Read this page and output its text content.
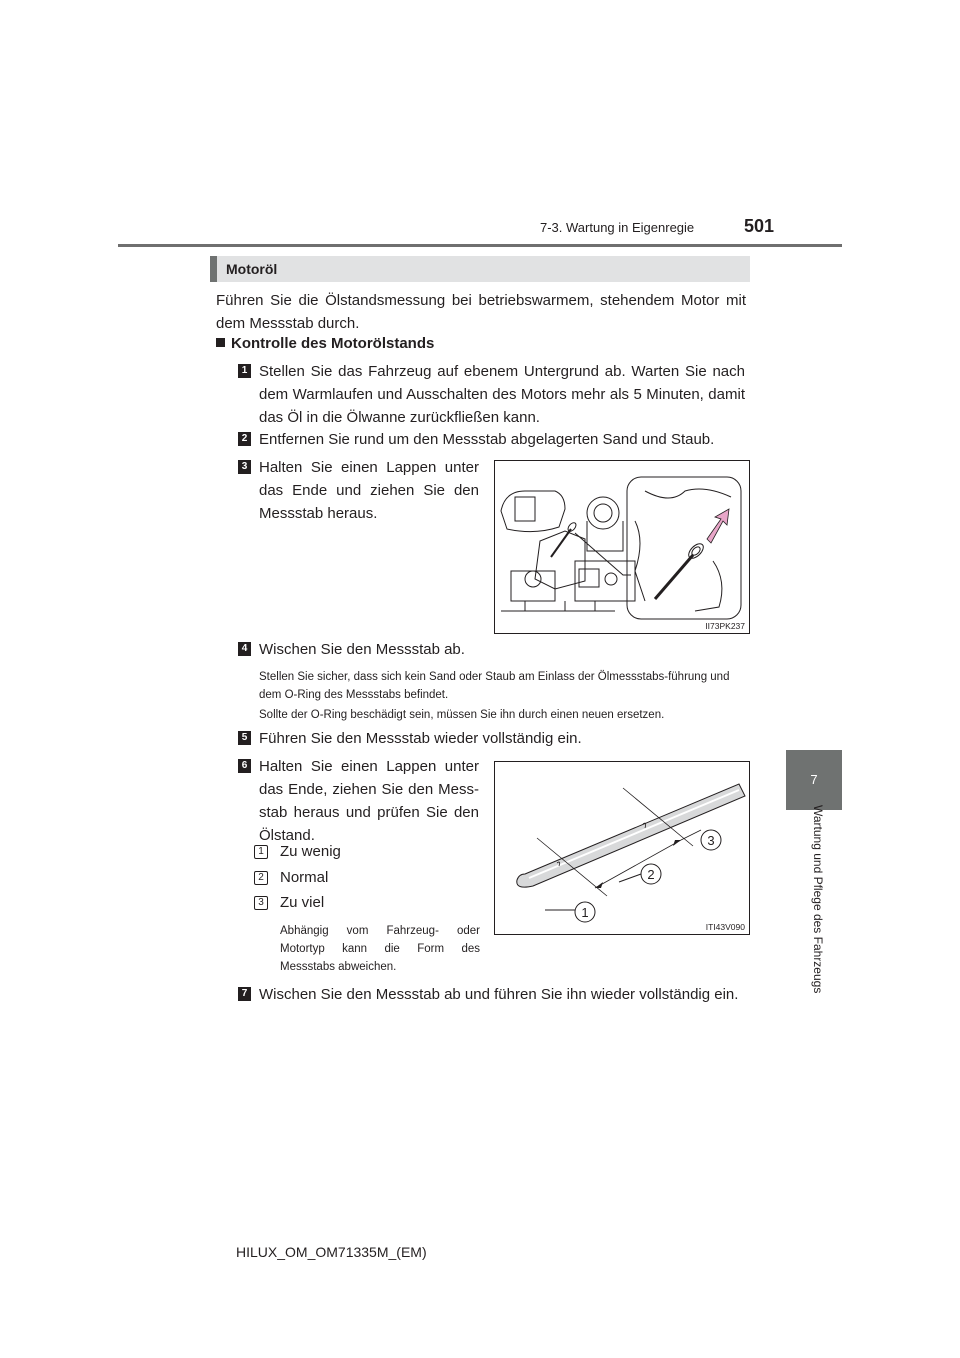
7-3. Wartung in Eigenregie	501
7
Wartung und Pflege des Fahrzeugs
Motoröl
Führen Sie die Ölstandsmessung bei betriebswarmem, stehendem Motor mit dem Messstab durch.
Kontrolle des Motorölstands
1 Stellen Sie das Fahrzeug auf ebenem Untergrund ab. Warten Sie nach dem Warmlaufen und Ausschalten des Motors mehr als 5 Minuten, damit das Öl in die Ölwanne zurückfließen kann.
2 Entfernen Sie rund um den Messstab abgelagerten Sand und Staub.
3 Halten Sie einen Lappen unter das Ende und ziehen Sie den Messstab heraus.
II73PK237
4 Wischen Sie den Messstab ab.
Stellen Sie sicher, dass sich kein Sand oder Staub am Einlass der Ölmessstabs-führung und dem O-Ring des Messstabs befindet.
Sollte der O-Ring beschädigt sein, müssen Sie ihn durch einen neuen ersetzen.
5 Führen Sie den Messstab wieder vollständig ein.
6 Halten Sie einen Lappen unter das Ende, ziehen Sie den Mess-stab heraus und prüfen Sie den Ölstand.
1 Zu wenig
2 Normal
3 Zu viel
Abhängig vom Fahrzeug- oder Motortyp kann die Form des Messstabs abweichen.
1
2
3
ITI43V090
7 Wischen Sie den Messstab ab und führen Sie ihn wieder vollständig ein.
HILUX_OM_OM71335M_(EM)
